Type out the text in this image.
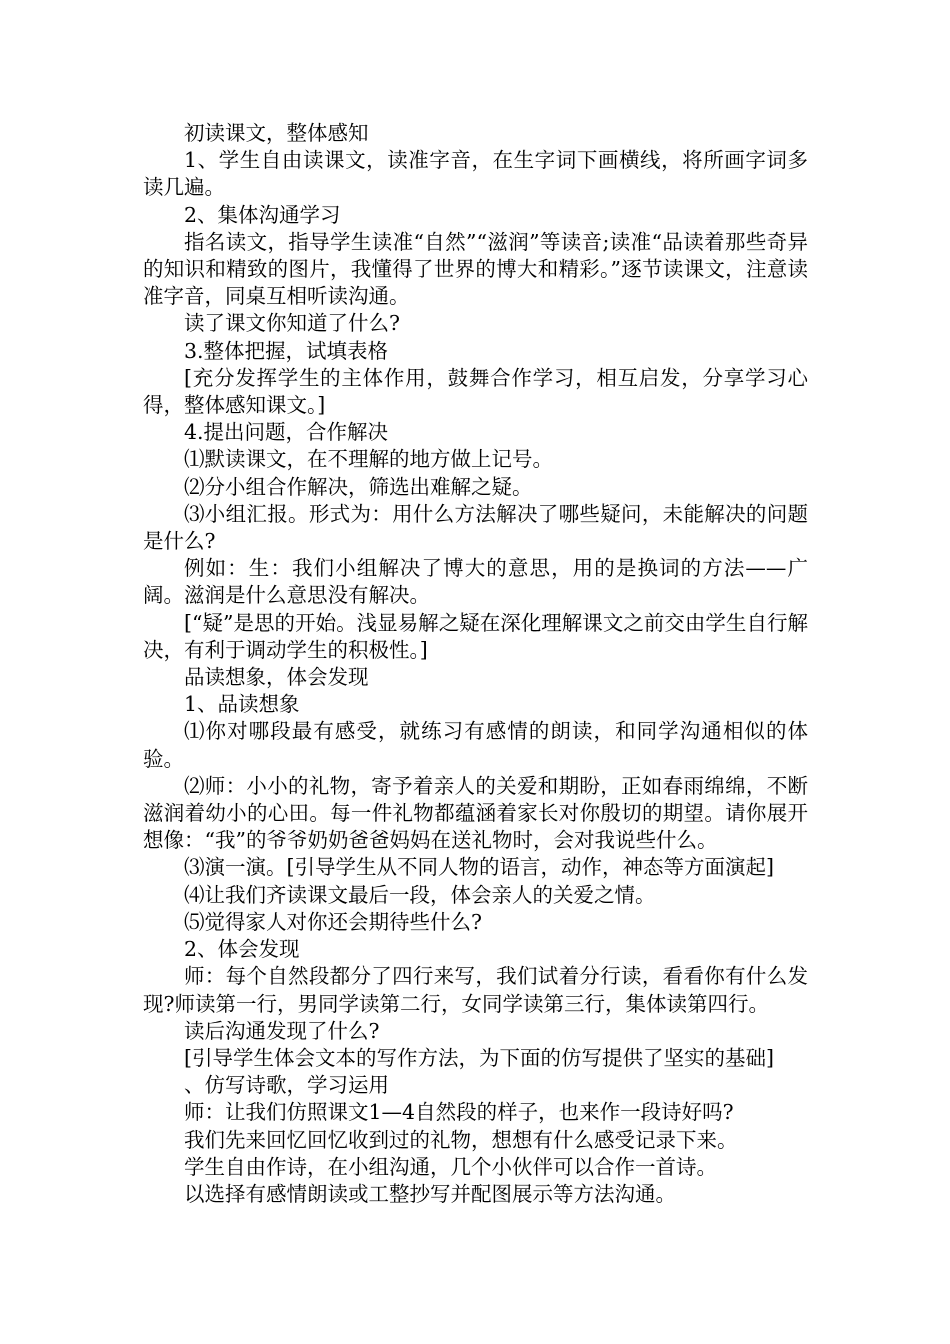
初读课文，整体感知

1、学生自由读课文，读准字音，在生字词下画横线，将所画字词多读几遍。

2、集体沟通学习

指名读文，指导学生读准“自然”“滋润”等读音;读准“品读着那些奇异的知识和精致的图片，我懂得了世界的博大和精彩。”逐节读课文，注意读准字音，同桌互相听读沟通。

读了课文你知道了什么?

3.整体把握，试填表格

[充分发挥学生的主体作用，鼓舞合作学习，相互启发，分享学习心得，整体感知课文。]

4.提出问题，合作解决

⑴默读课文，在不理解的地方做上记号。

⑵分小组合作解决，筛选出难解之疑。

⑶小组汇报。形式为：用什么方法解决了哪些疑问，未能解决的问题是什么?

例如：生：我们小组解决了博大的意思，用的是换词的方法——广阔。滋润是什么意思没有解决。

[“疑”是思的开始。浅显易解之疑在深化理解课文之前交由学生自行解决，有利于调动学生的积极性。]

品读想象，体会发现

1、品读想象

⑴你对哪段最有感受，就练习有感情的朗读，和同学沟通相似的体验。

⑵师：小小的礼物，寄予着亲人的关爱和期盼，正如春雨绵绵，不断滋润着幼小的心田。每一件礼物都蕴涵着家长对你殷切的期望。请你展开想像：“我”的爷爷奶奶爸爸妈妈在送礼物时，会对我说些什么。

⑶演一演。[引导学生从不同人物的语言，动作，神态等方面演起]

⑷让我们齐读课文最后一段，体会亲人的关爱之情。

⑸觉得家人对你还会期待些什么?

2、体会发现

师：每个自然段都分了四行来写，我们试着分行读，看看你有什么发现?师读第一行，男同学读第二行，女同学读第三行，集体读第四行。

读后沟通发现了什么?

[引导学生体会文本的写作方法，为下面的仿写提供了坚实的基础]

、仿写诗歌，学习运用

师：让我们仿照课文1—4自然段的样子，也来作一段诗好吗?

我们先来回忆回忆收到过的礼物，想想有什么感受记录下来。

学生自由作诗，在小组沟通，几个小伙伴可以合作一首诗。

以选择有感情朗读或工整抄写并配图展示等方法沟通。
